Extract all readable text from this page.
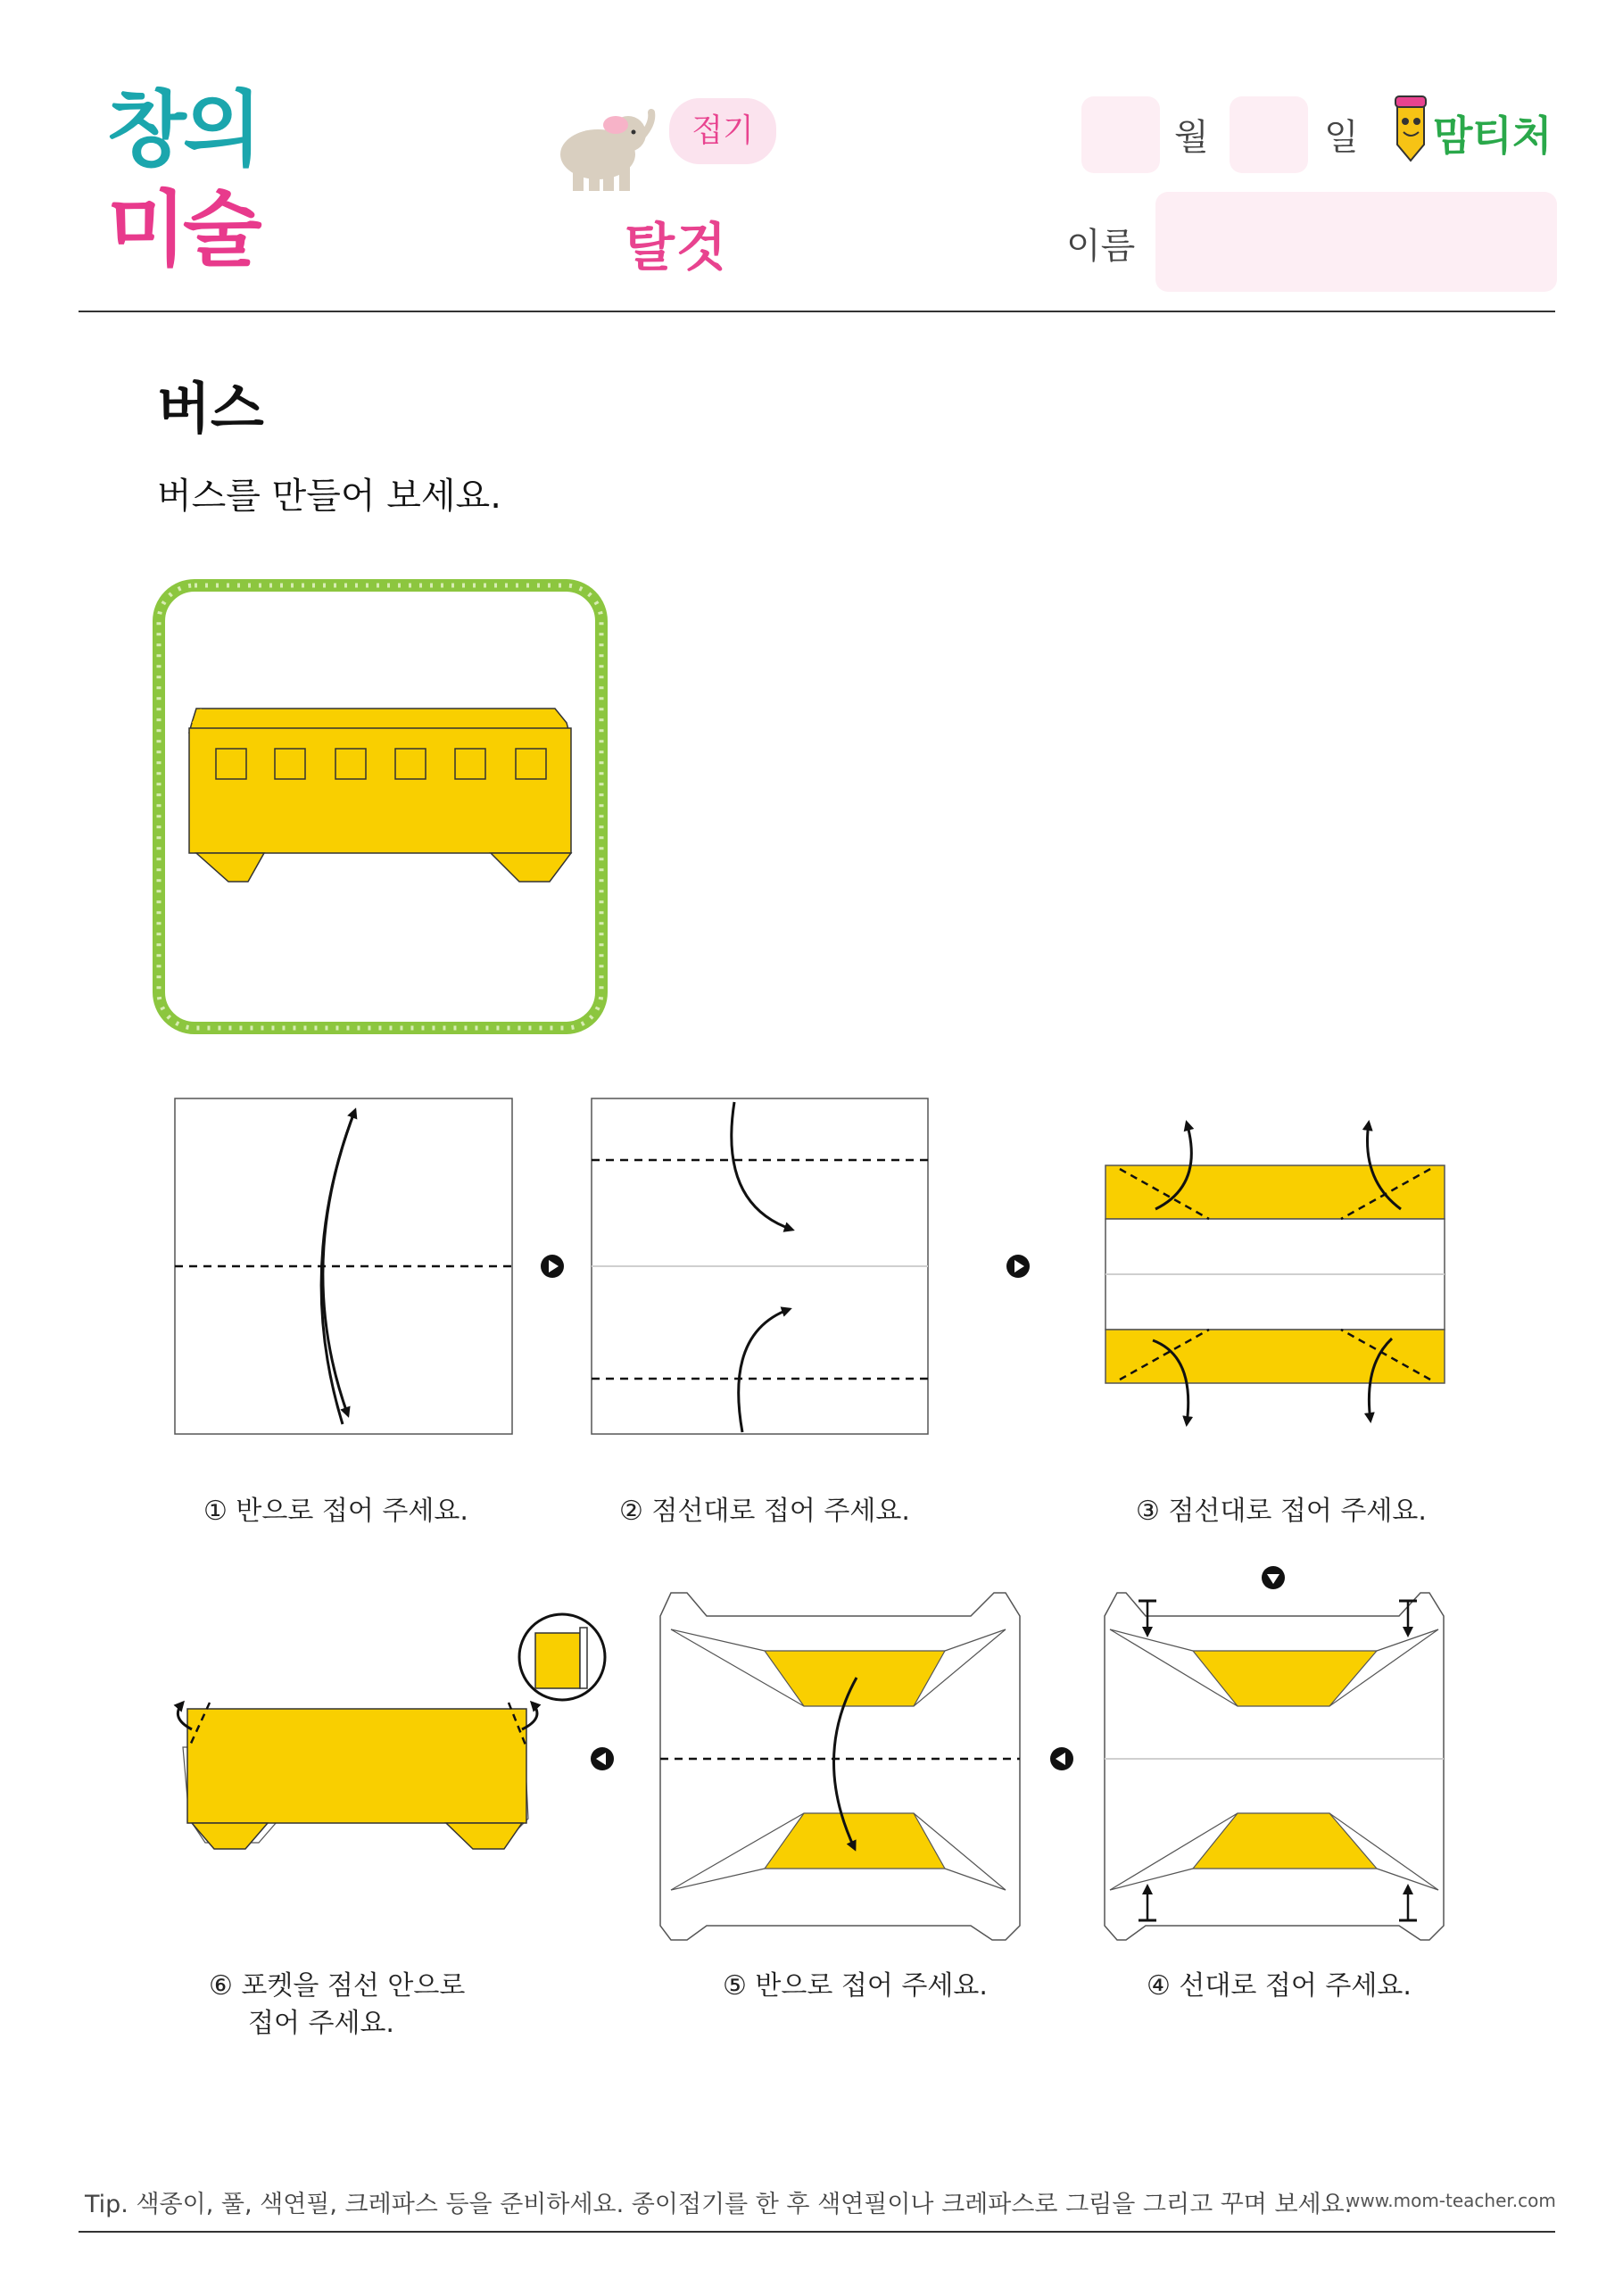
창의
미술
접기
탈것
월	일 맘티처
이름
버스
버스를 만들어 보세요.
① 반으로 접어 주세요.	② 점선대로 접어 주세요.	③ 점선대로 접어 주세요.
⑥ 포켓을 점선 안으로
접어 주세요.
⑤ 반으로 접어 주세요.	④ 선대로 접어 주세요.
Tip. 색종이, 풀, 색연필, 크레파스 등을 준비하세요. 종이접기를 한 후 색연필이나 크레파스로 그림을 그리고 꾸며 보세요.
www.mom-teacher.com
